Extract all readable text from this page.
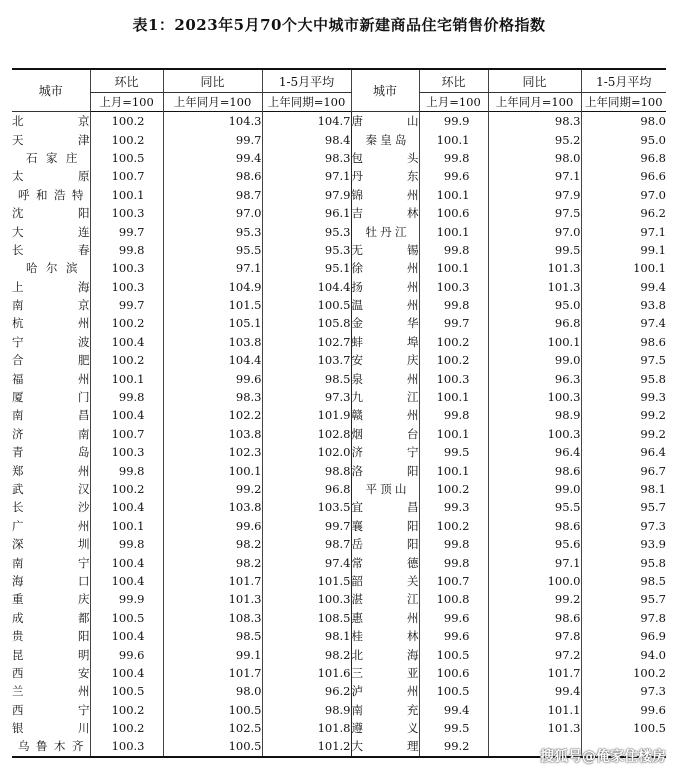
表1：2023年5月70个大中城市新建商品住宅销售价格指数
城市	环比	同比	1-5月平均	城市	环比	同比	1-5月平均
	上月=100	上年同月=100	上年同期=100		上月=100	上年同月=100	上年同期=100
北京	100.2	104.3	104.7	唐山	99.9	98.3	98.0
天津	100.2	99.7	98.4	秦皇岛	100.1	95.2	95.0
石家庄	100.5	99.4	98.3	包头	99.8	98.0	96.8
太原	100.7	98.6	97.1	丹东	99.6	97.1	96.6
呼和浩特	100.1	98.7	97.9	锦州	100.1	97.9	97.0
沈阳	100.3	97.0	96.1	吉林	100.6	97.5	96.2
大连	99.7	95.3	95.3	牡丹江	100.1	97.0	97.1
长春	99.8	95.5	95.3	无锡	99.8	99.5	99.1
哈尔滨	100.3	97.1	95.1	徐州	100.1	101.3	100.1
上海	100.3	104.9	104.4	扬州	100.3	101.3	99.4
南京	99.7	101.5	100.5	温州	99.8	95.0	93.8
杭州	100.2	105.1	105.8	金华	99.7	96.8	97.4
宁波	100.4	103.8	102.7	蚌埠	100.2	100.1	98.6
合肥	100.2	104.4	103.7	安庆	100.2	99.0	97.5
福州	100.1	99.6	98.5	泉州	100.3	96.3	95.8
厦门	99.8	98.3	97.3	九江	100.1	100.3	99.3
南昌	100.4	102.2	101.9	赣州	99.8	98.9	99.2
济南	100.7	103.8	102.8	烟台	100.1	100.3	99.2
青岛	100.3	102.3	102.0	济宁	99.5	96.4	96.4
郑州	99.8	100.1	98.8	洛阳	100.1	98.6	96.7
武汉	100.2	99.2	96.8	平顶山	100.2	99.0	98.1
长沙	100.4	103.8	103.5	宜昌	99.3	95.5	95.7
广州	100.1	99.6	99.7	襄阳	100.2	98.6	97.3
深圳	99.8	98.2	98.7	岳阳	99.8	95.6	93.9
南宁	100.4	98.2	97.4	常德	99.8	97.1	95.8
海口	100.4	101.7	101.5	韶关	100.7	100.0	98.5
重庆	99.9	101.3	100.3	湛江	100.8	99.2	95.7
成都	100.5	108.3	108.5	惠州	99.6	98.6	97.8
贵阳	100.4	98.5	98.1	桂林	99.6	97.8	96.9
昆明	99.6	99.1	98.2	北海	100.5	97.2	94.0
西安	100.4	101.7	101.6	三亚	100.6	101.7	100.2
兰州	100.5	98.0	96.2	泸州	100.5	99.4	97.3
西宁	100.2	100.5	98.9	南充	99.4	101.1	99.6
银川	100.2	102.5	101.8	遵义	99.5	101.3	100.5
乌鲁木齐	100.3	100.5	101.2	大理	99.2		
搜狐号@俺家住楼房
